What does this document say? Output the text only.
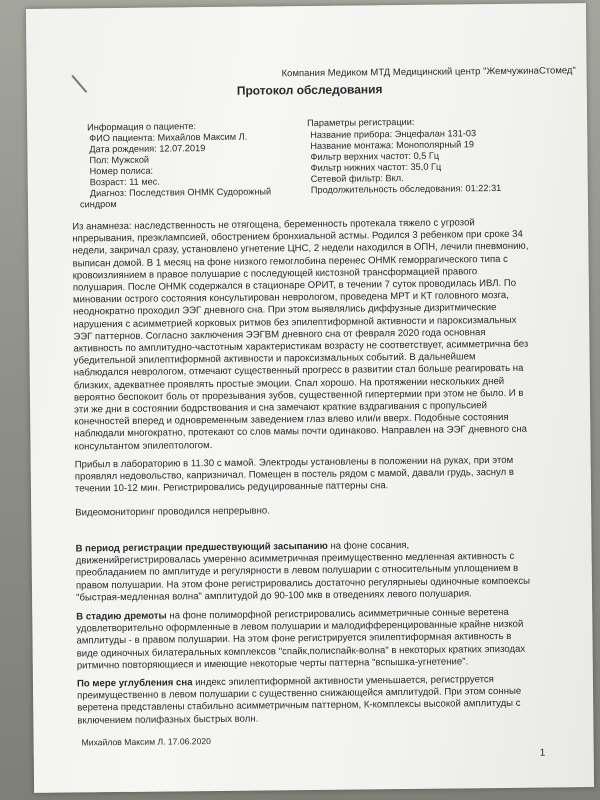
Компания Медиком МТД Медицинский центр "ЖемчужинаСтомед"
Протокол обследования
Информация о пациенте:
ФИО пациента: Михайлов Максим Л.
Дата рождения: 12.07.2019
Пол: Мужской
Номер полиса:
Возраст: 11 мес.
Диагноз: Последствия ОНМК Судорожный
синдром
Параметры регистрации:
Название прибора: Энцефалан 131-03
Название монтажа: Монополярный 19
Фильтр верхних частот: 0,5 Гц
Фильтр нижних частот: 35,0 Гц
Сетевой фильтр: Вкл.
Продолжительность обследования: 01:22:31

Из анамнеза: наследственность не отягощена, беременность протекала тяжело с угрозой

нпрерывания, преэклампсией, обострением бронхиальной астмы. Родился 3 ребенком при сроке 34

недели, закричал сразу, установлено угнетение ЦНС, 2 недели находился в ОПН, лечили пневмонию,

выписан домой. В 1 месяц на фоне низкого гемоглобина перенес ОНМК геморрагического типа с

кровоизлиянием в правое полушарие с последующей кистозной трансформацией правого

полушария. После ОНМК содержался в стационаре ОРИТ, в течении 7 суток проводилась ИВЛ. По

миновании острого состояния консультирован неврологом, проведена МРТ и КТ головного мозга,

неоднократно проходил ЭЭГ дневного сна. При этом выявлялись диффузные дизритмические

нарушения с асимметрией корковых ритмов без эпилептиформной активности и пароксизмальных

ЭЭГ паттернов. Согласно заключения ЭЭГВМ дневного сна от февраля 2020 года основная

активность по амплитудно-частотным характеристикам возрасту не соответствует, асимметрична без

убедительной эпилептиформной активности и пароксизмальных событий. В дальнейшем

наблюдался неврологом, отмечают существенный прогресс в развитии стал больше реагировать на

близких, адекватнее проявлять простые эмоции. Спал хорошо. На протяжении нескольких дней

вероятно беспокоит боль от прорезывания зубов, существенной гипертермии при этом не было. И в

эти же дни в состоянии бодрствования и сна замечают краткие вздрагивания с пропульсией

конечностей вперед и одновременным заведением глаз влево или/и вверх. Подобные состояния

наблюдали многократно, протекают со слов мамы почти одинаково. Направлен на ЭЭГ дневного сна

консультантом эпилептологом.

Прибыл в лабораторию в 11.30 с мамой. Электроды установлены в положении на руках, при этом

проявлял недовольство, капризничал. Помещен в постель рядом с мамой, давали грудь, заснул в

течении 10-12 мин. Регистрировались редуцированные паттерны сна.

Видеомониторинг проводился непрерывно.

В период регистрации предшествующий засыпанию на фоне сосания,

движенийрегистрировалась умеренно асимметричная преимущественно медленная активность с

преобладанием по амплитуде и регулярности в левом полушарии с относительным уплощением в

правом полушарии. На этом фоне регистрировались достаточно регулярныеы одиночные компоексы

"быстрая-медленная волна" амплитудой до 90-100 мкв в отведениях левого полушария.

В стадию дремоты на фоне полиморфной регистрировались асимметричные сонные веретена

удовлетворительно оформленные в левом полушарии и малодифференцированные крайне низкой

амплитуды - в правом полушарии. На этом фоне регистрируется эпилептиформная активность в

виде одиночных билатеральных комплексов "спайк,полиспайк-волна" в некоторых кратких эпизодах

ритмично повторяющиеся и имеющие некоторые черты паттерна "вспышка-угнетение".

По мере углубления сна индекс эпилептиформной активности уменьшается, регистрруется

преимущественно в левом полушарии с существенно снижающейся амплитудой. При этом сонные

веретена представлены стабильно асимметричным паттерном, К-комплексы высокой амплитуды с

включением полифазных быстрых волн.

Михайлов Максим Л. 17.06.2020
1
